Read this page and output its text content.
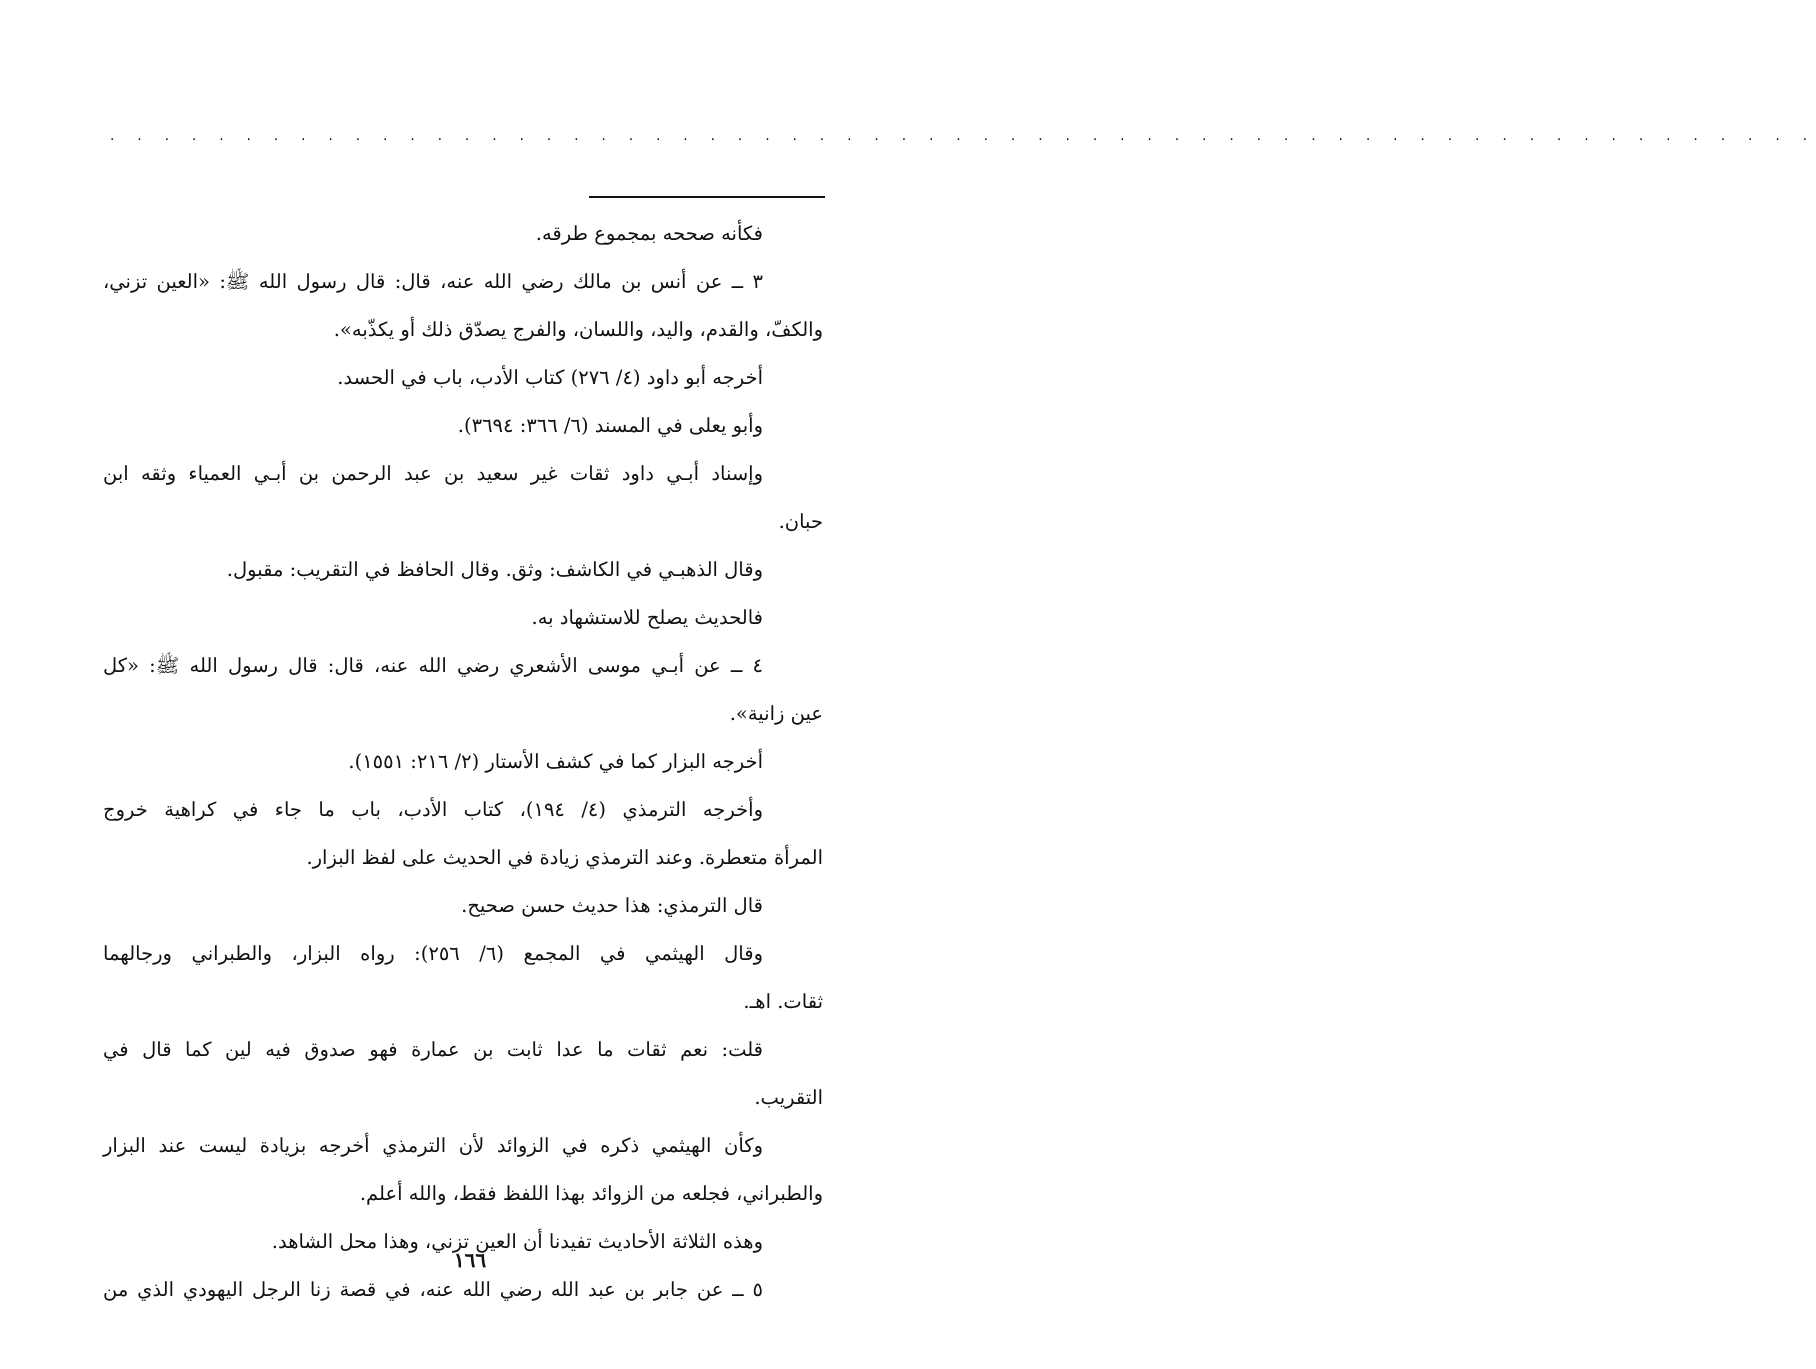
· · · · · · · · · · · · · · · · · · · · · · · · · · · · · · · · · · · · · · · · · · · · · · · · · · · · · · · · · · · · · · ·
فكأنه صححه بمجموع طرقه.
٣ ــ عن أنس بن مالك رضي الله عنه، قال: قال رسول الله ﷺ: «العين تزني،
والكفّ، والقدم، واليد، واللسان، والفرج يصدّق ذلك أو يكذّبه».
أخرجه أبو داود (٤/ ٢٧٦) كتاب الأدب، باب في الحسد.
وأبو يعلى في المسند (٦/ ٣٦٦: ٣٦٩٤).
وإسناد أبـي داود ثقات غير سعيد بن عبد الرحمن بن أبـي العمياء وثقه ابن
حبان.
وقال الذهبـي في الكاشف: وثق. وقال الحافظ في التقريب: مقبول.
فالحديث يصلح للاستشهاد به.
٤ ــ عن أبـي موسى الأشعري رضي الله عنه، قال: قال رسول الله ﷺ: «كل
عين زانية».
أخرجه البزار كما في كشف الأستار (٢/ ٢١٦: ١٥٥١).
وأخرجه الترمذي (٤/ ١٩٤)، كتاب الأدب، باب ما جاء في كراهية خروج
المرأة متعطرة. وعند الترمذي زيادة في الحديث على لفظ البزار.
قال الترمذي: هذا حديث حسن صحيح.
وقال الهيثمي في المجمع (٦/ ٢٥٦): رواه البزار، والطبراني ورجالهما
ثقات. اهـ.
قلت: نعم ثقات ما عدا ثابت بن عمارة فهو صدوق فيه لين كما قال في
التقريب.
وكأن الهيثمي ذكره في الزوائد لأن الترمذي أخرجه بزيادة ليست عند البزار
والطبراني، فجلعه من الزوائد بهذا اللفظ فقط، والله أعلم.
وهذه الثلاثة الأحاديث تفيدنا أن العين تزني، وهذا محل الشاهد.
٥ ــ عن جابر بن عبد الله رضي الله عنه، في قصة زنا الرجل اليهودي الذي من
١٦٦
